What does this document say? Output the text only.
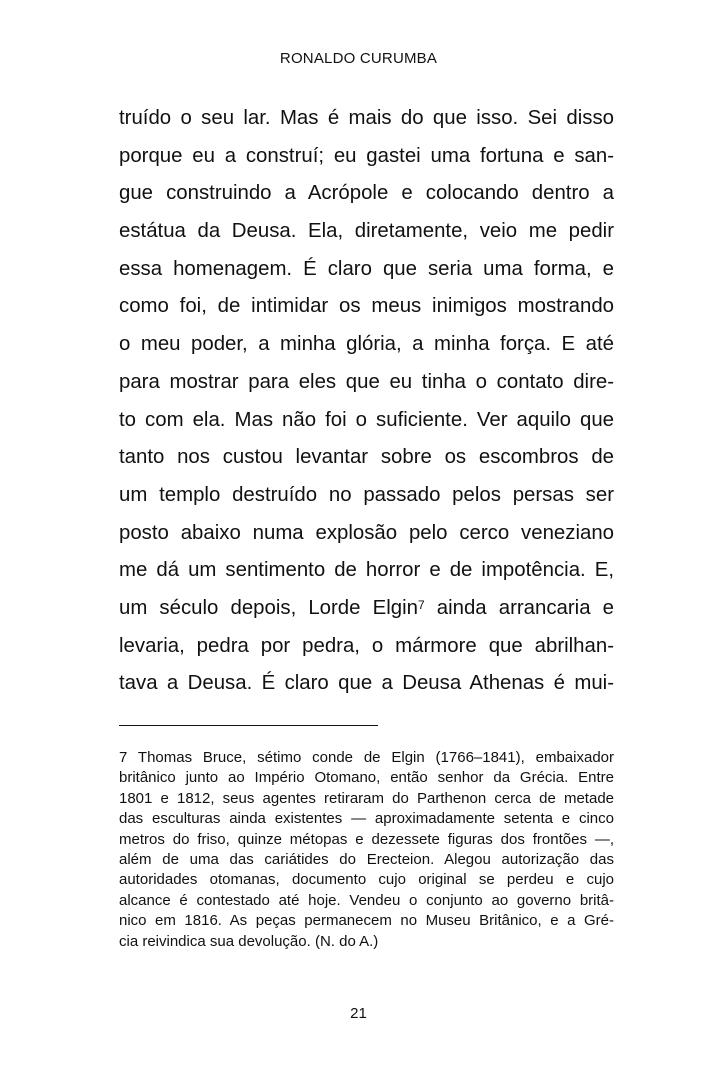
RONALDO CURUMBA
truído o seu lar. Mas é mais do que isso. Sei disso
porque eu a construí; eu gastei uma fortuna e san-
gue construindo a Acrópole e colocando dentro a
estátua da Deusa. Ela, diretamente, veio me pedir
essa homenagem. É claro que seria uma forma, e
como foi, de intimidar os meus inimigos mostrando
o meu poder, a minha glória, a minha força. E até
para mostrar para eles que eu tinha o contato dire-
to com ela. Mas não foi o suficiente. Ver aquilo que
tanto nos custou levantar sobre os escombros de
um templo destruído no passado pelos persas ser
posto abaixo numa explosão pelo cerco veneziano
me dá um sentimento de horror e de impotência. E,
um século depois, Lorde Elgin$^7$ ainda arrancaria e
levaria, pedra por pedra, o mármore que abrilhan-
tava a Deusa. É claro que a Deusa Athenas é mui-
7 Thomas Bruce, sétimo conde de Elgin (1766–1841), embaixador
britânico junto ao Império Otomano, então senhor da Grécia. Entre
1801 e 1812, seus agentes retiraram do Parthenon cerca de metade
das esculturas ainda existentes — aproximadamente setenta e cinco
metros do friso, quinze métopas e dezessete figuras dos frontões —,
além de uma das cariátides do Erecteion. Alegou autorização das
autoridades otomanas, documento cujo original se perdeu e cujo
alcance é contestado até hoje. Vendeu o conjunto ao governo britâ-
nico em 1816. As peças permanecem no Museu Britânico, e a Gré-
cia reivindica sua devolução. (N. do A.)
21
